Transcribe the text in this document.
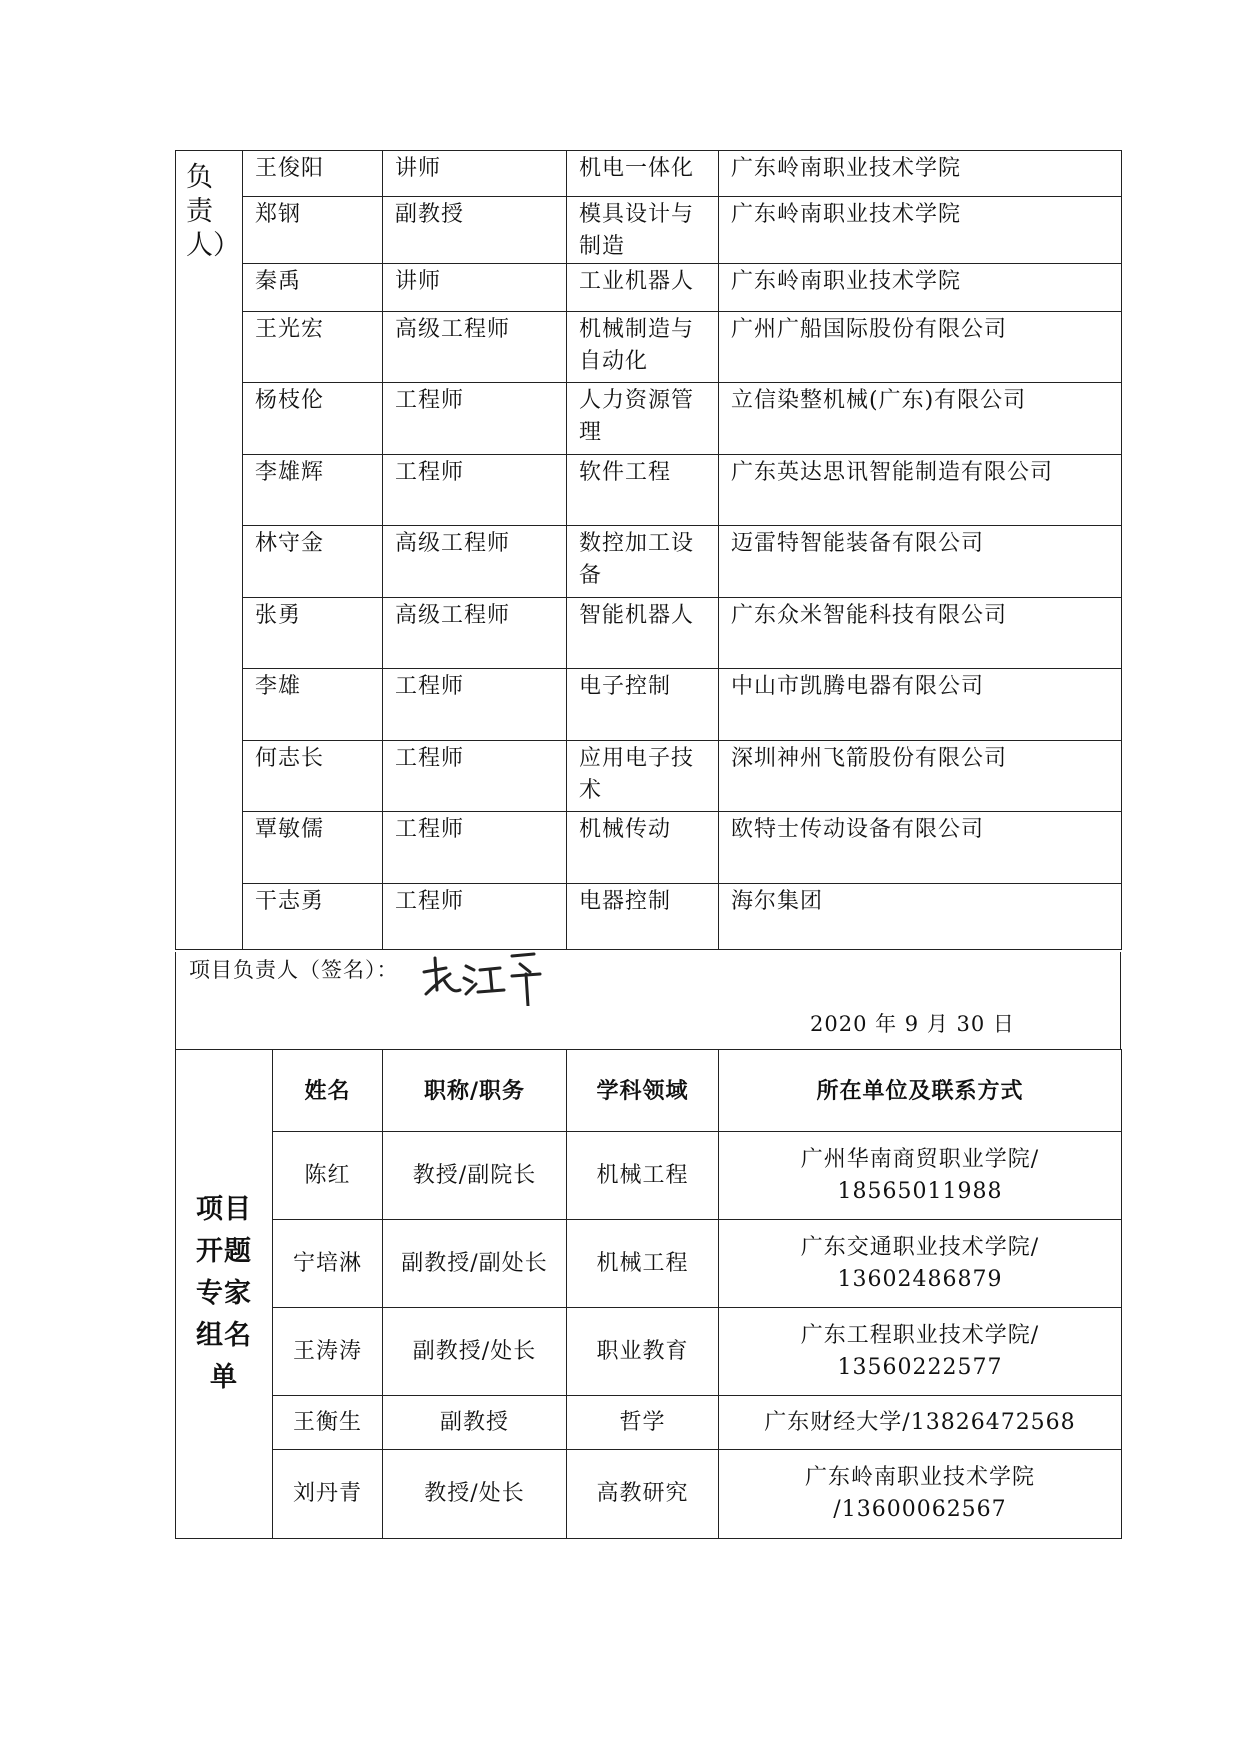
负
责
人）	王俊阳	讲师	机电一体化	广东岭南职业技术学院
	郑钢	副教授	模具设计与制造	广东岭南职业技术学院
	秦禹	讲师	工业机器人	广东岭南职业技术学院
	王光宏	高级工程师	机械制造与自动化	广州广船国际股份有限公司
	杨枝伦	工程师	人力资源管理	立信染整机械(广东)有限公司
	李雄辉	工程师	软件工程	广东英达思讯智能制造有限公司
	林守金	高级工程师	数控加工设备	迈雷特智能装备有限公司
	张勇	高级工程师	智能机器人	广东众米智能科技有限公司
	李雄	工程师	电子控制	中山市凯腾电器有限公司
	何志长	工程师	应用电子技术	深圳神州飞箭股份有限公司
	覃敏儒	工程师	机械传动	欧特士传动设备有限公司
	干志勇	工程师	电器控制	海尔集团
项目负责人（签名）：
2020 年 9 月 30 日
项目
开题
专家
组名
单	姓名	职称/职务	学科领域	所在单位及联系方式
	陈红	教授/副院长	机械工程	广州华南商贸职业学院/
18565011988

	宁培淋	副教授/副处长	机械工程	广东交通职业技术学院/
13602486879

	王涛涛	副教授/处长	职业教育	广东工程职业技术学院/
13560222577

	王衡生	副教授	哲学	广东财经大学/13826472568

	刘丹青	教授/处长	高教研究	广东岭南职业技术学院
/13600062567
